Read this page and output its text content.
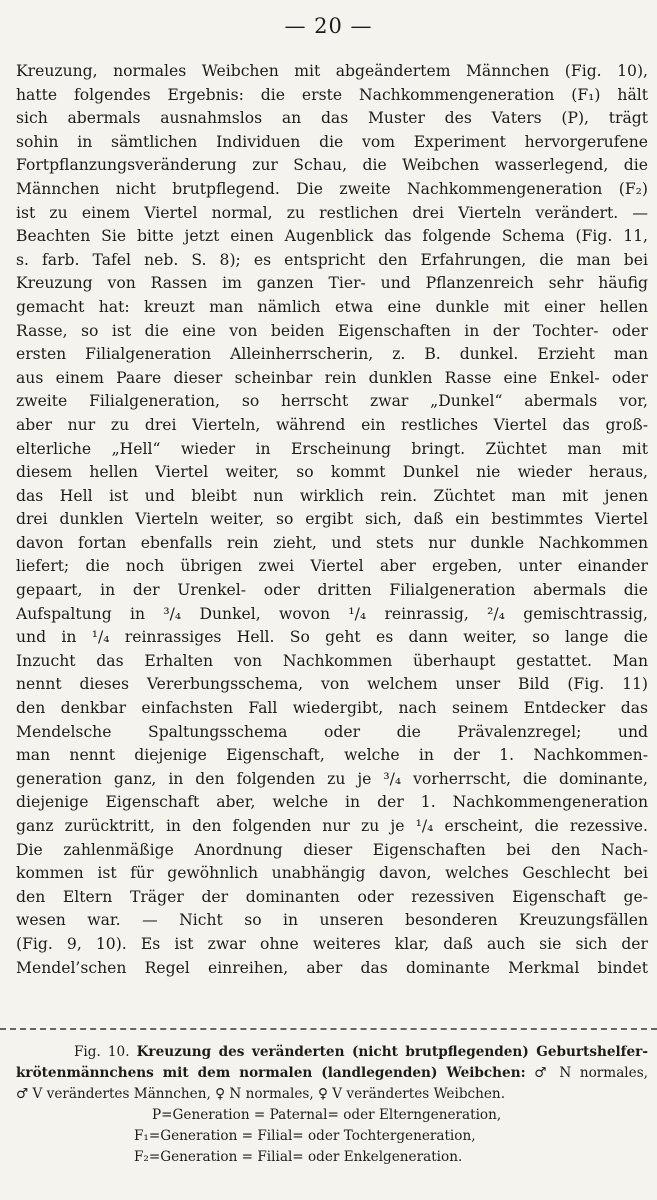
— 20 —
Kreuzung, normales Weibchen mit abgeändertem Männchen (Fig. 10),
hatte folgendes Ergebnis: die erste Nachkommengeneration (F₁) hält
sich abermals ausnahmslos an das Muster des Vaters (P), trägt
sohin in sämtlichen Individuen die vom Experiment hervorgerufene
Fortpflanzungsveränderung zur Schau, die Weibchen wasserlegend, die
Männchen nicht brutpflegend. Die zweite Nachkommengeneration (F₂)
ist zu einem Viertel normal, zu restlichen drei Vierteln verändert. —
Beachten Sie bitte jetzt einen Augenblick das folgende Schema (Fig. 11,
s. farb. Tafel neb. S. 8); es entspricht den Erfahrungen, die man bei
Kreuzung von Rassen im ganzen Tier- und Pflanzenreich sehr häufig
gemacht hat: kreuzt man nämlich etwa eine dunkle mit einer hellen
Rasse, so ist die eine von beiden Eigenschaften in der Tochter- oder
ersten Filialgeneration Alleinherrscherin, z. B. dunkel. Erzieht man
aus einem Paare dieser scheinbar rein dunklen Rasse eine Enkel- oder
zweite Filialgeneration, so herrscht zwar „Dunkel“ abermals vor,
aber nur zu drei Vierteln, während ein restliches Viertel das groß-
elterliche „Hell“ wieder in Erscheinung bringt. Züchtet man mit
diesem hellen Viertel weiter, so kommt Dunkel nie wieder heraus,
das Hell ist und bleibt nun wirklich rein. Züchtet man mit jenen
drei dunklen Vierteln weiter, so ergibt sich, daß ein bestimmtes Viertel
davon fortan ebenfalls rein zieht, und stets nur dunkle Nachkommen
liefert; die noch übrigen zwei Viertel aber ergeben, unter einander
gepaart, in der Urenkel- oder dritten Filialgeneration abermals die
Aufspaltung in ³/₄ Dunkel, wovon ¹/₄ reinrassig, ²/₄ gemischtrassig,
und in ¹/₄ reinrassiges Hell. So geht es dann weiter, so lange die
Inzucht das Erhalten von Nachkommen überhaupt gestattet. Man
nennt dieses Vererbungsschema, von welchem unser Bild (Fig. 11)
den denkbar einfachsten Fall wiedergibt, nach seinem Entdecker das
Mendelsche Spaltungsschema oder die Prävalenzregel; und
man nennt diejenige Eigenschaft, welche in der 1. Nachkommen-
generation ganz, in den folgenden zu je ³/₄ vorherrscht, die dominante,
diejenige Eigenschaft aber, welche in der 1. Nachkommengeneration
ganz zurücktritt, in den folgenden nur zu je ¹/₄ erscheint, die rezessive.
Die zahlenmäßige Anordnung dieser Eigenschaften bei den Nach-
kommen ist für gewöhnlich unabhängig davon, welches Geschlecht bei
den Eltern Träger der dominanten oder rezessiven Eigenschaft ge-
wesen war. — Nicht so in unseren besonderen Kreuzungsfällen
(Fig. 9, 10). Es ist zwar ohne weiteres klar, daß auch sie sich der
Mendel’schen Regel einreihen, aber das dominante Merkmal bindet
Fig. 10. Kreuzung des veränderten (nicht brutpflegenden) Geburtshelfer-
krötenmännchens mit dem normalen (landlegenden) Weibchen: ♂ N normales,
♂ V verändertes Männchen, ♀ N normales, ♀ V verändertes Weibchen.
P=Generation = Paternal= oder Elterngeneration,
F₁=Generation = Filial= oder Tochtergeneration,
F₂=Generation = Filial= oder Enkelgeneration.
